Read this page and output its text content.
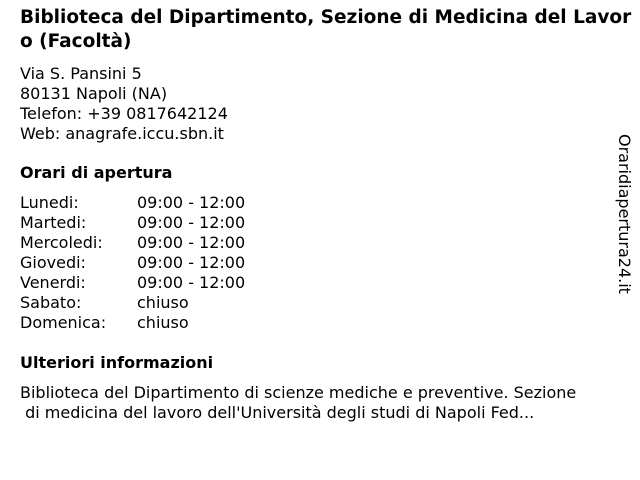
Biblioteca del Dipartimento, Sezione di Medicina del Lavoro (Facoltà)
Via S. Pansini 5
80131 Napoli (NA)
Telefon: +39 0817642124
Web: anagrafe.iccu.sbn.it
Orari di apertura
Lunedi:	09:00 - 12:00
Martedi:	09:00 - 12:00
Mercoledi: 09:00 - 12:00
Giovedi:	09:00 - 12:00
Venerdi:	09:00 - 12:00
Sabato:	chiuso
Domenica: chiuso
Ulteriori informazioni
Biblioteca del Dipartimento di scienze mediche e preventive. Sezione
di medicina del lavoro dell'Università degli studi di Napoli Fed...
Oraridiapertura24.it
